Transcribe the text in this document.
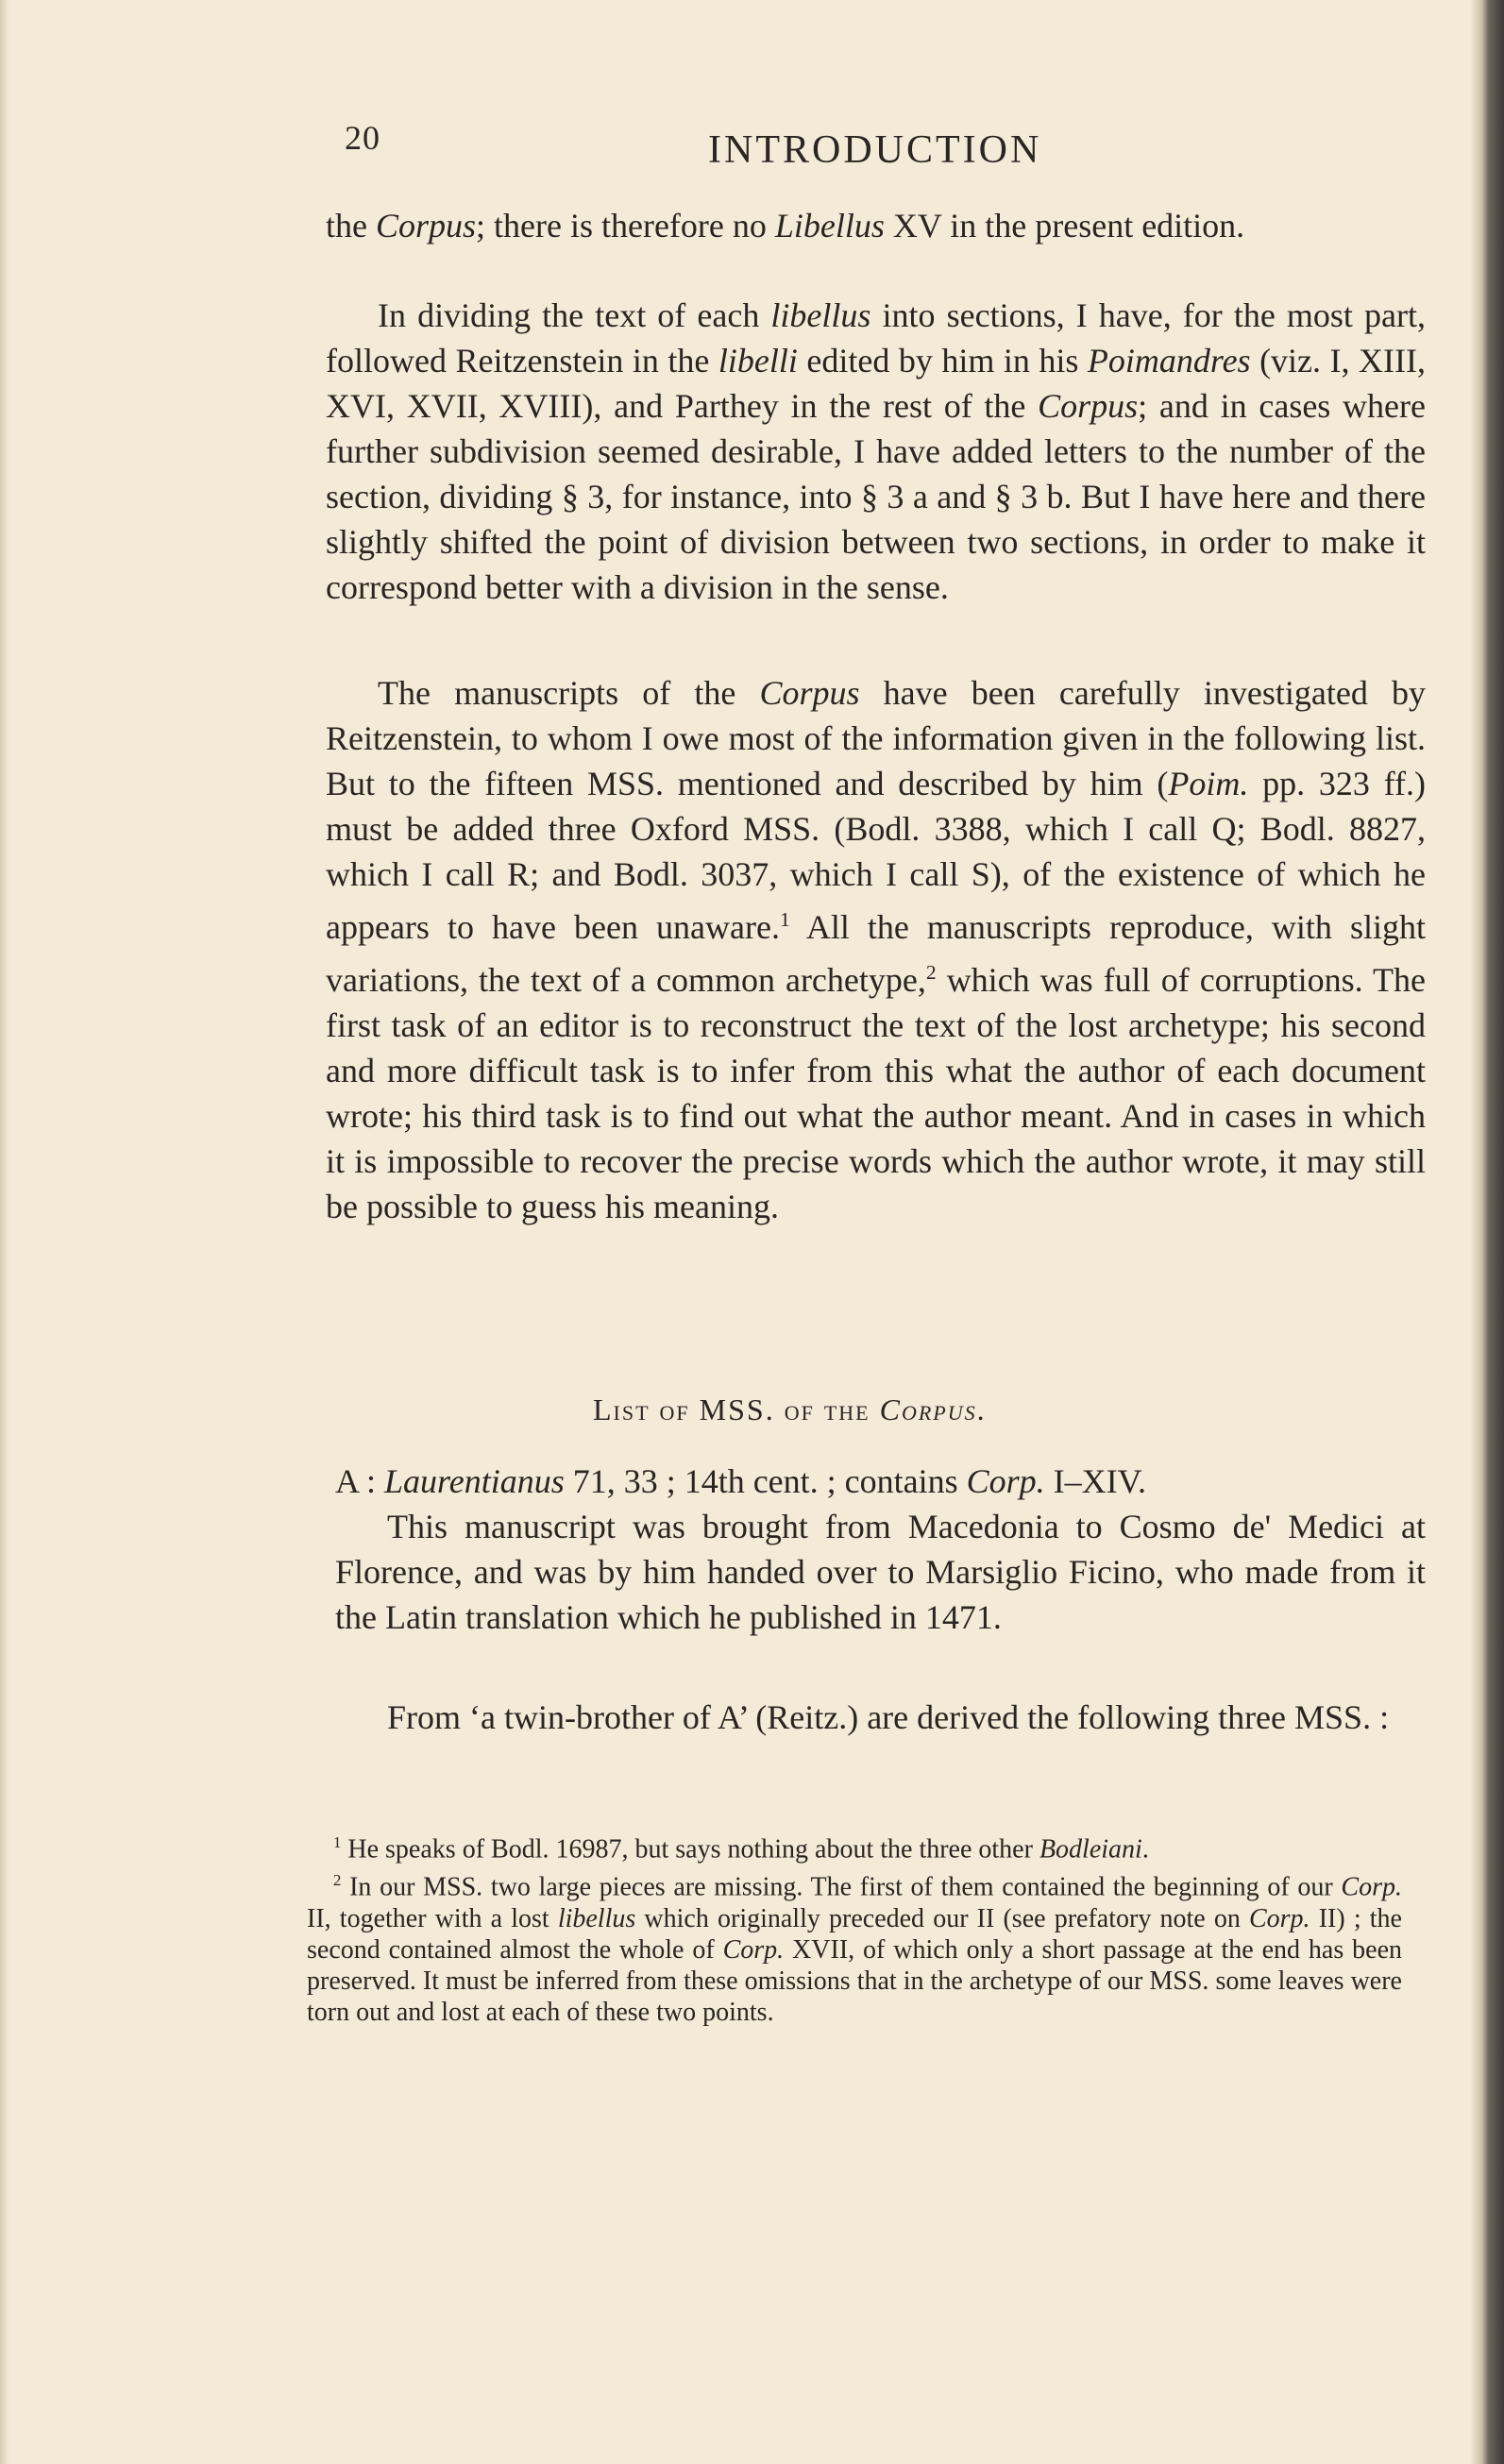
20	INTRODUCTION

the Corpus; there is therefore no Libellus XV in the present edition.

In dividing the text of each libellus into sections, I have, for the most part, followed Reitzenstein in the libelli edited by him in his Poimandres (viz. I, XIII, XVI, XVII, XVIII), and Parthey in the rest of the Corpus; and in cases where further subdivision seemed desirable, I have added letters to the number of the section, dividing § 3, for instance, into § 3 a and § 3 b. But I have here and there slightly shifted the point of division between two sections, in order to make it correspond better with a division in the sense.

The manuscripts of the Corpus have been carefully investigated by Reitzenstein, to whom I owe most of the information given in the following list. But to the fifteen MSS. mentioned and described by him (Poim. pp. 323 ff.) must be added three Oxford MSS. (Bodl. 3388, which I call Q; Bodl. 8827, which I call R; and Bodl. 3037, which I call S), of the existence of which he appears to have been unaware.$^1$ All the manuscripts reproduce, with slight variations, the text of a common archetype,$^2$ which was full of corruptions. The first task of an editor is to reconstruct the text of the lost archetype; his second and more difficult task is to infer from this what the author of each document wrote; his third task is to find out what the author meant. And in cases in which it is impossible to recover the precise words which the author wrote, it may still be possible to guess his meaning.

List of MSS. of the Corpus.
A : Laurentianus 71, 33 ; 14th cent. ; contains Corp. I–XIV.
This manuscript was brought from Macedonia to Cosmo de' Medici at Florence, and was by him handed over to Marsiglio Ficino, who made from it the Latin translation which he published in 1471.
From ‘a twin-brother of A’ (Reitz.) are derived the following three MSS. :

$^1$ He speaks of Bodl. 16987, but says nothing about the three other Bodleiani.

$^2$ In our MSS. two large pieces are missing. The first of them contained the beginning of our Corp. II, together with a lost libellus which originally preceded our II (see prefatory note on Corp. II) ; the second contained almost the whole of Corp. XVII, of which only a short passage at the end has been preserved. It must be inferred from these omissions that in the archetype of our MSS. some leaves were torn out and lost at each of these two points.
